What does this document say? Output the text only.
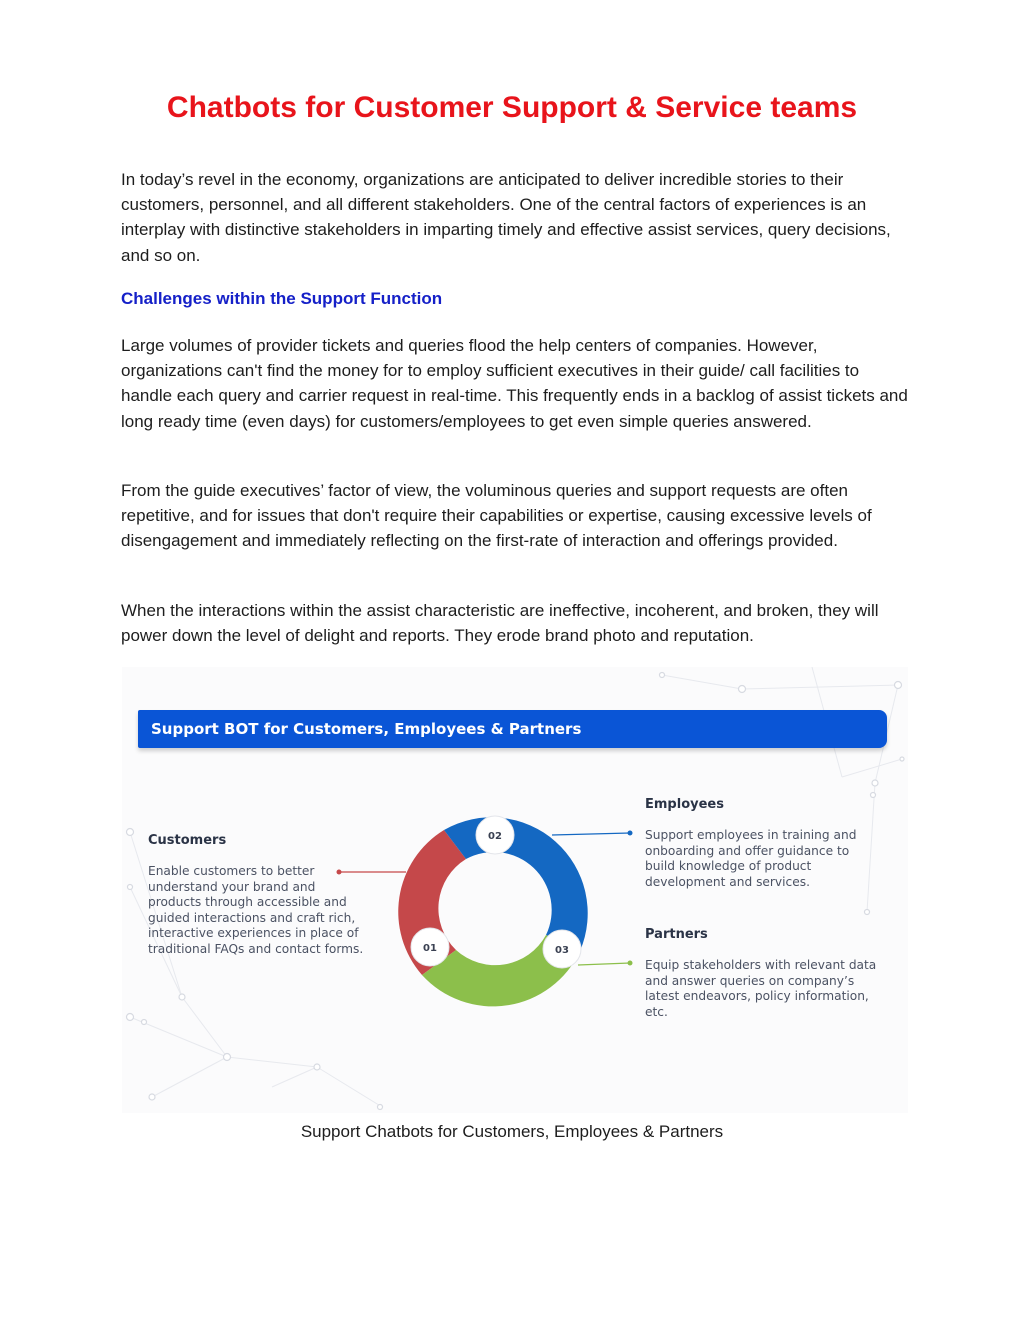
Chatbots for Customer Support & Service teams

In today’s revel in the economy, organizations are anticipated to deliver incredible stories to their customers, personnel, and all different stakeholders. One of the central factors of experiences is an interplay with distinctive stakeholders in imparting timely and effective assist services, query decisions, and so on.

Challenges within the Support Function

Large volumes of provider tickets and queries flood the help centers of companies. However, organizations can't find the money for to employ sufficient executives in their guide/ call facilities to handle each query and carrier request in real-time. This frequently ends in a backlog of assist tickets and long ready time (even days) for customers/employees to get even simple queries answered.

From the guide executives’ factor of view, the voluminous queries and support requests are often repetitive, and for issues that don't require their capabilities or expertise, causing excessive levels of disengagement and immediately reflecting on the first-rate of interaction and offerings provided.

When the interactions within the assist characteristic are ineffective, incoherent, and broken, they will power down the level of delight and reports. They erode brand photo and reputation.

Support BOT for Customers, Employees & Partners
01
02
03
Customers

Enable customers to better understand your brand and products through accessible and guided interactions and craft rich, interactive experiences in place of traditional FAQs and contact forms.

Employees

Support employees in training and onboarding and offer guidance to build knowledge of product development and services.

Partners

Equip stakeholders with relevant data and answer queries on company’s latest endeavors, policy information, etc.

Support Chatbots for Customers, Employees & Partners
